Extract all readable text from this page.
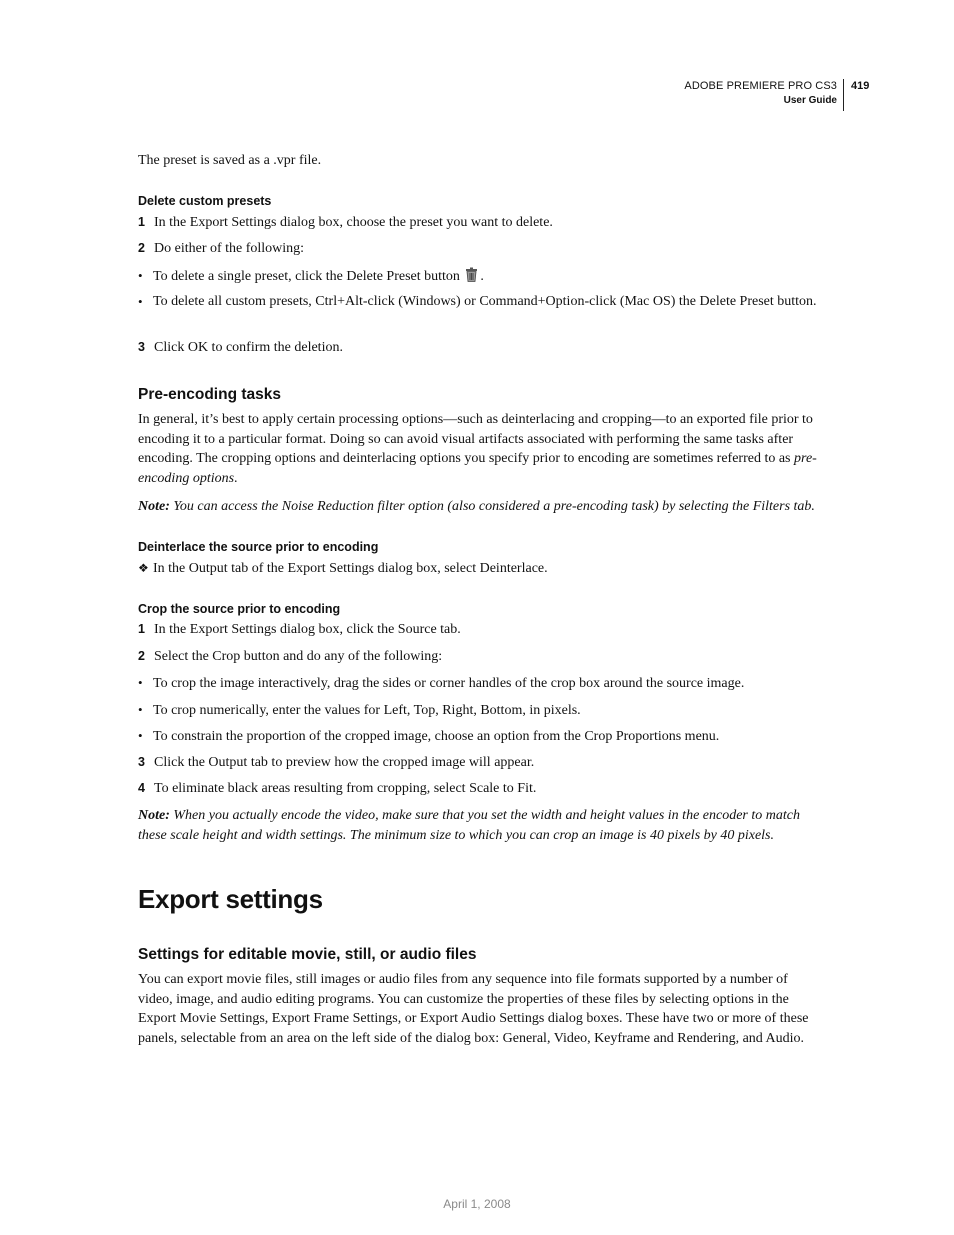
ADOBE PREMIERE PRO CS3
User Guide
419
The preset is saved as a .vpr file.
Delete custom presets
1 In the Export Settings dialog box, choose the preset you want to delete.
2 Do either of the following:
• To delete a single preset, click the Delete Preset button .
• To delete all custom presets, Ctrl+Alt-click (Windows) or Command+Option-click (Mac OS) the Delete Preset button.
3 Click OK to confirm the deletion.
Pre-encoding tasks
In general, it’s best to apply certain processing options—such as deinterlacing and cropping—to an exported file prior to encoding it to a particular format. Doing so can avoid visual artifacts associated with performing the same tasks after encoding. The cropping options and deinterlacing options you specify prior to encoding are sometimes referred to as pre-encoding options.
Note: You can access the Noise Reduction filter option (also considered a pre-encoding task) by selecting the Filters tab.
Deinterlace the source prior to encoding
❖ In the Output tab of the Export Settings dialog box, select Deinterlace.
Crop the source prior to encoding
1 In the Export Settings dialog box, click the Source tab.
2 Select the Crop button and do any of the following:
• To crop the image interactively, drag the sides or corner handles of the crop box around the source image.
• To crop numerically, enter the values for Left, Top, Right, Bottom, in pixels.
• To constrain the proportion of the cropped image, choose an option from the Crop Proportions menu.
3 Click the Output tab to preview how the cropped image will appear.
4 To eliminate black areas resulting from cropping, select Scale to Fit.
Note: When you actually encode the video, make sure that you set the width and height values in the encoder to match these scale height and width settings. The minimum size to which you can crop an image is 40 pixels by 40 pixels.
Export settings
Settings for editable movie, still, or audio files
You can export movie files, still images or audio files from any sequence into file formats supported by a number of video, image, and audio editing programs. You can customize the properties of these files by selecting options in the Export Movie Settings, Export Frame Settings, or Export Audio Settings dialog boxes. These have two or more of these panels, selectable from an area on the left side of the dialog box: General, Video, Keyframe and Rendering, and Audio.
April 1, 2008
